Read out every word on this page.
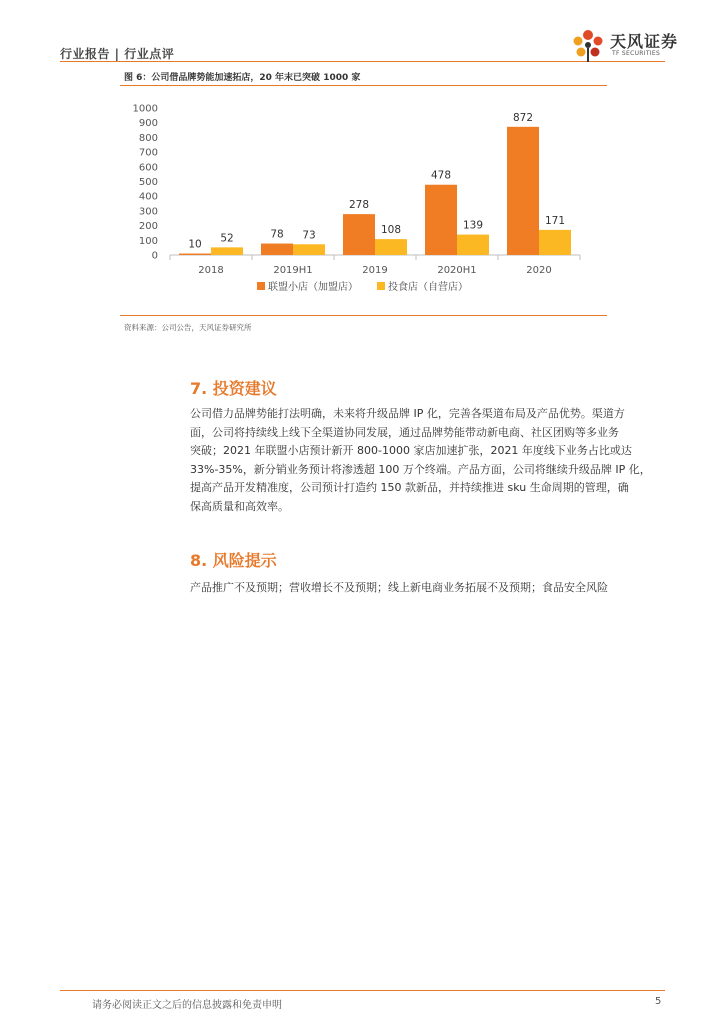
行业报告 | 行业点评
天风证券
TF SECURITIES
图 6：公司借品牌势能加速拓店，20 年末已突破 1000 家
0
100
200
300
400
500
600
700
800
900
1000
10
52
2018
78 73
2019H1
278
108
2019
478
139
2020H1
872
171
2020
联盟小店（加盟店）	投食店（自营店）
资料来源：公司公告，天风证券研究所
7. 投资建议
公司借力品牌势能打法明确，未来将升级品牌 IP 化，完善各渠道布局及产品优势。渠道方
面，公司将持续线上线下全渠道协同发展，通过品牌势能带动新电商、社区团购等多业务
突破；2021 年联盟小店预计新开 800-1000 家店加速扩张，2021 年度线下业务占比或达
33%-35%，新分销业务预计将渗透超 100 万个终端。产品方面，公司将继续升级品牌 IP 化，
提高产品开发精准度，公司预计打造约 150 款新品，并持续推进 sku 生命周期的管理，确
保高质量和高效率。
8. 风险提示
产品推广不及预期；营收增长不及预期；线上新电商业务拓展不及预期；食品安全风险
请务必阅读正文之后的信息披露和免责申明	5
